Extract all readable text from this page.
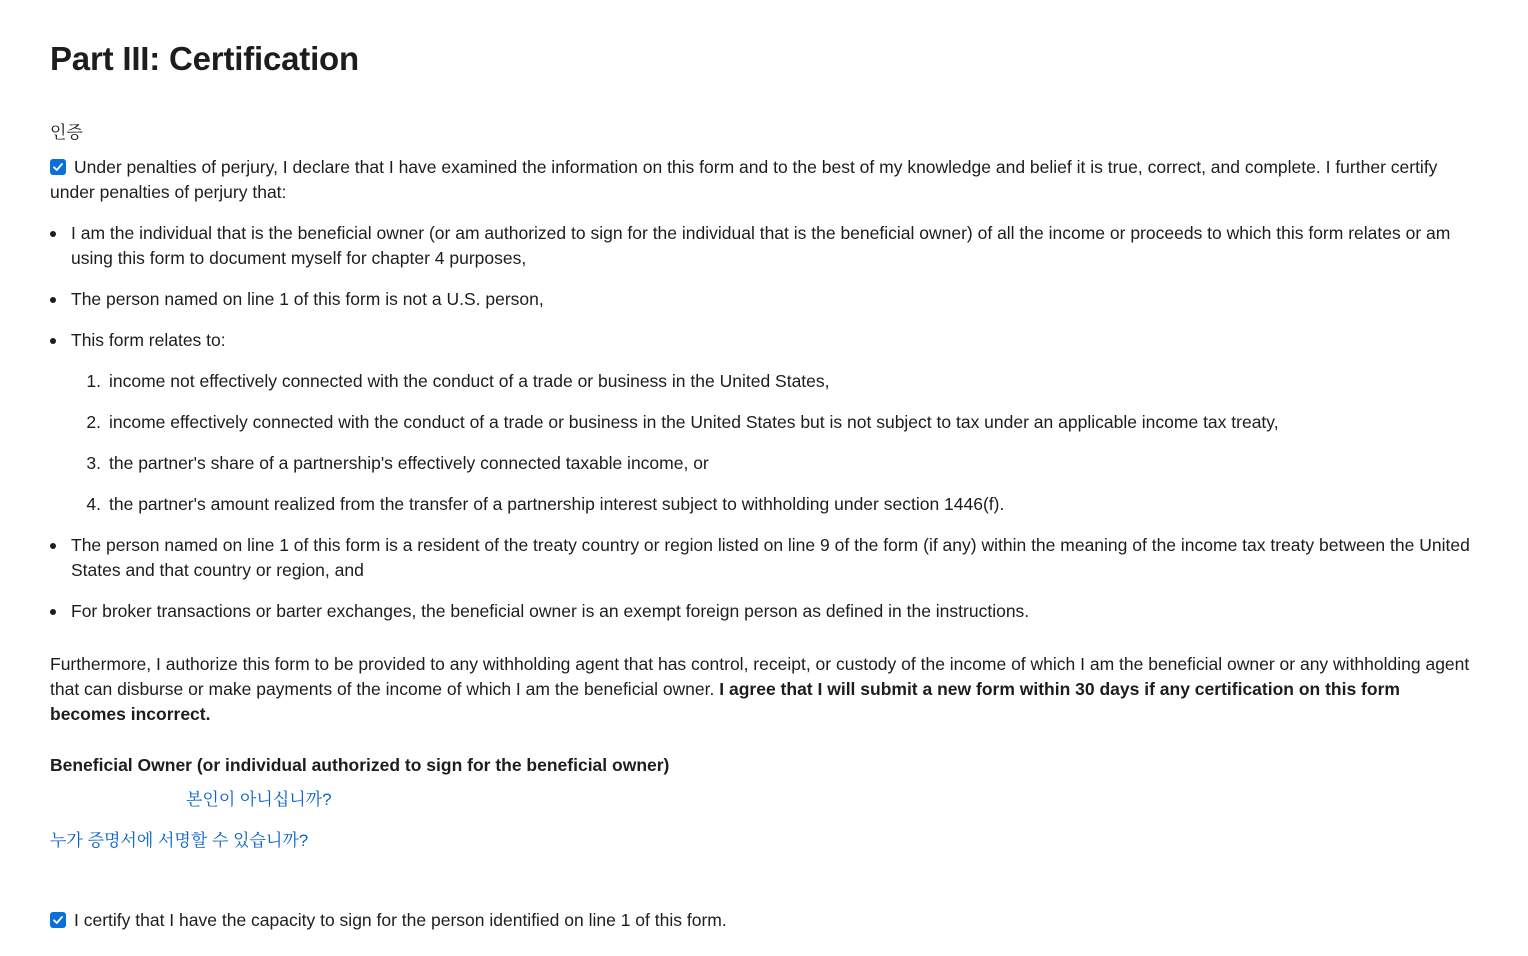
Part III: Certification
인증
Under penalties of perjury, I declare that I have examined the information on this form and to the best of my knowledge and belief it is true, correct, and complete. I further certify under penalties of perjury that:
I am the individual that is the beneficial owner (or am authorized to sign for the individual that is the beneficial owner) of all the income or proceeds to which this form relates or am using this form to document myself for chapter 4 purposes,
The person named on line 1 of this form is not a U.S. person,
This form relates to:
1. income not effectively connected with the conduct of a trade or business in the United States,
2. income effectively connected with the conduct of a trade or business in the United States but is not subject to tax under an applicable income tax treaty,
3. the partner's share of a partnership's effectively connected taxable income, or
4. the partner's amount realized from the transfer of a partnership interest subject to withholding under section 1446(f).
The person named on line 1 of this form is a resident of the treaty country or region listed on line 9 of the form (if any) within the meaning of the income tax treaty between the United States and that country or region, and
For broker transactions or barter exchanges, the beneficial owner is an exempt foreign person as defined in the instructions.
Furthermore, I authorize this form to be provided to any withholding agent that has control, receipt, or custody of the income of which I am the beneficial owner or any withholding agent that can disburse or make payments of the income of which I am the beneficial owner. I agree that I will submit a new form within 30 days if any certification on this form becomes incorrect.
Beneficial Owner (or individual authorized to sign for the beneficial owner)
본인이 아니십니까?
누가 증명서에 서명할 수 있습니까?
I certify that I have the capacity to sign for the person identified on line 1 of this form.
